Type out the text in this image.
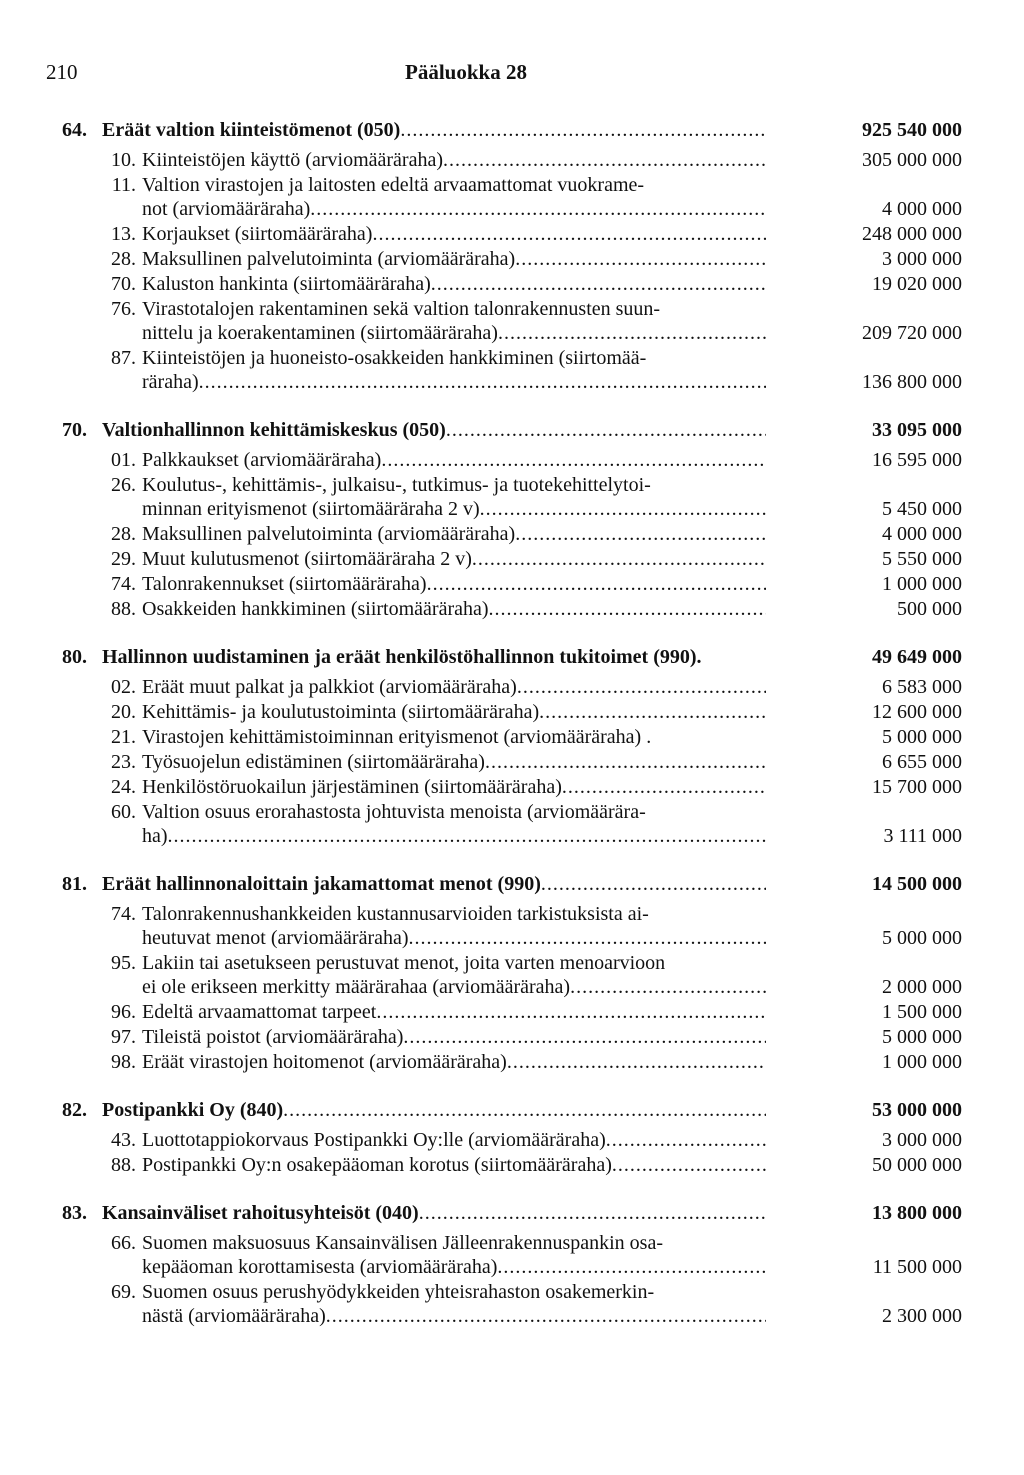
210	Pääluokka 28
64. Eräät valtion kiinteistömenot (050) .....	925 540 000
10. Kiinteistöjen käyttö (arviomääräraha) .....	305 000 000
11. Valtion virastojen ja laitosten edeltä arvaamattomat vuokrame-
not (arviomääräraha) .....	4 000 000
13. Korjaukset (siirtomääräraha) .....	248 000 000
28. Maksullinen palvelutoiminta (arviomääräraha) .....	3 000 000
70. Kaluston hankinta (siirtomääräraha) .....	19 020 000
76. Virastotalojen rakentaminen sekä valtion talonrakennusten suun-
nittelu ja koerakentaminen (siirtomääräraha) .....	209 720 000
87. Kiinteistöjen ja huoneisto-osakkeiden hankkiminen (siirtomää-
räraha) .....	136 800 000
70. Valtionhallinnon kehittämiskeskus (050) .....	33 095 000
01. Palkkaukset (arviomääräraha) .....	16 595 000
26. Koulutus-, kehittämis-, julkaisu-, tutkimus- ja tuotekehittelytoi-
minnan erityismenot (siirtomääräraha 2 v) .....	5 450 000
28. Maksullinen palvelutoiminta (arviomääräraha) .....	4 000 000
29. Muut kulutusmenot (siirtomääräraha 2 v) .....	5 550 000
74. Talonrakennukset (siirtomääräraha) .....	1 000 000
88. Osakkeiden hankkiminen (siirtomääräraha) .....	500 000
80. Hallinnon uudistaminen ja eräät henkilöstöhallinnon tukitoimet (990).	49 649 000
02. Eräät muut palkat ja palkkiot (arviomääräraha) .....	6 583 000
20. Kehittämis- ja koulutustoiminta (siirtomääräraha) .....	12 600 000
21. Virastojen kehittämistoiminnan erityismenot (arviomääräraha) .	5 000 000
23. Työsuojelun edistäminen (siirtomääräraha) .....	6 655 000
24. Henkilöstöruokailun järjestäminen (siirtomääräraha) .....	15 700 000
60. Valtion osuus erorahastosta johtuvista menoista (arviomäärära-
ha) .....	3 111 000
81. Eräät hallinnonaloittain jakamattomat menot (990) .....	14 500 000
74. Talonrakennushankkeiden kustannusarvioiden tarkistuksista ai-
heutuvat menot (arviomääräraha) .....	5 000 000
95. Lakiin tai asetukseen perustuvat menot, joita varten menoarvioon
ei ole erikseen merkitty määrärahaa (arviomääräraha) .....	2 000 000
96. Edeltä arvaamattomat tarpeet .....	1 500 000
97. Tileistä poistot (arviomääräraha) .....	5 000 000
98. Eräät virastojen hoitomenot (arviomääräraha) .....	1 000 000
82. Postipankki Oy (840) .....	53 000 000
43. Luottotappiokorvaus Postipankki Oy:lle (arviomääräraha) .....	3 000 000
88. Postipankki Oy:n osakepääoman korotus (siirtomääräraha) .....	50 000 000
83. Kansainväliset rahoitusyhteisöt (040) .....	13 800 000
66. Suomen maksuosuus Kansainvälisen Jälleenrakennuspankin osa-
kepääoman korottamisesta (arviomääräraha) .....	11 500 000
69. Suomen osuus perushyödykkeiden yhteisrahaston osakemerkin-
nästä (arviomääräraha) .....	2 300 000
